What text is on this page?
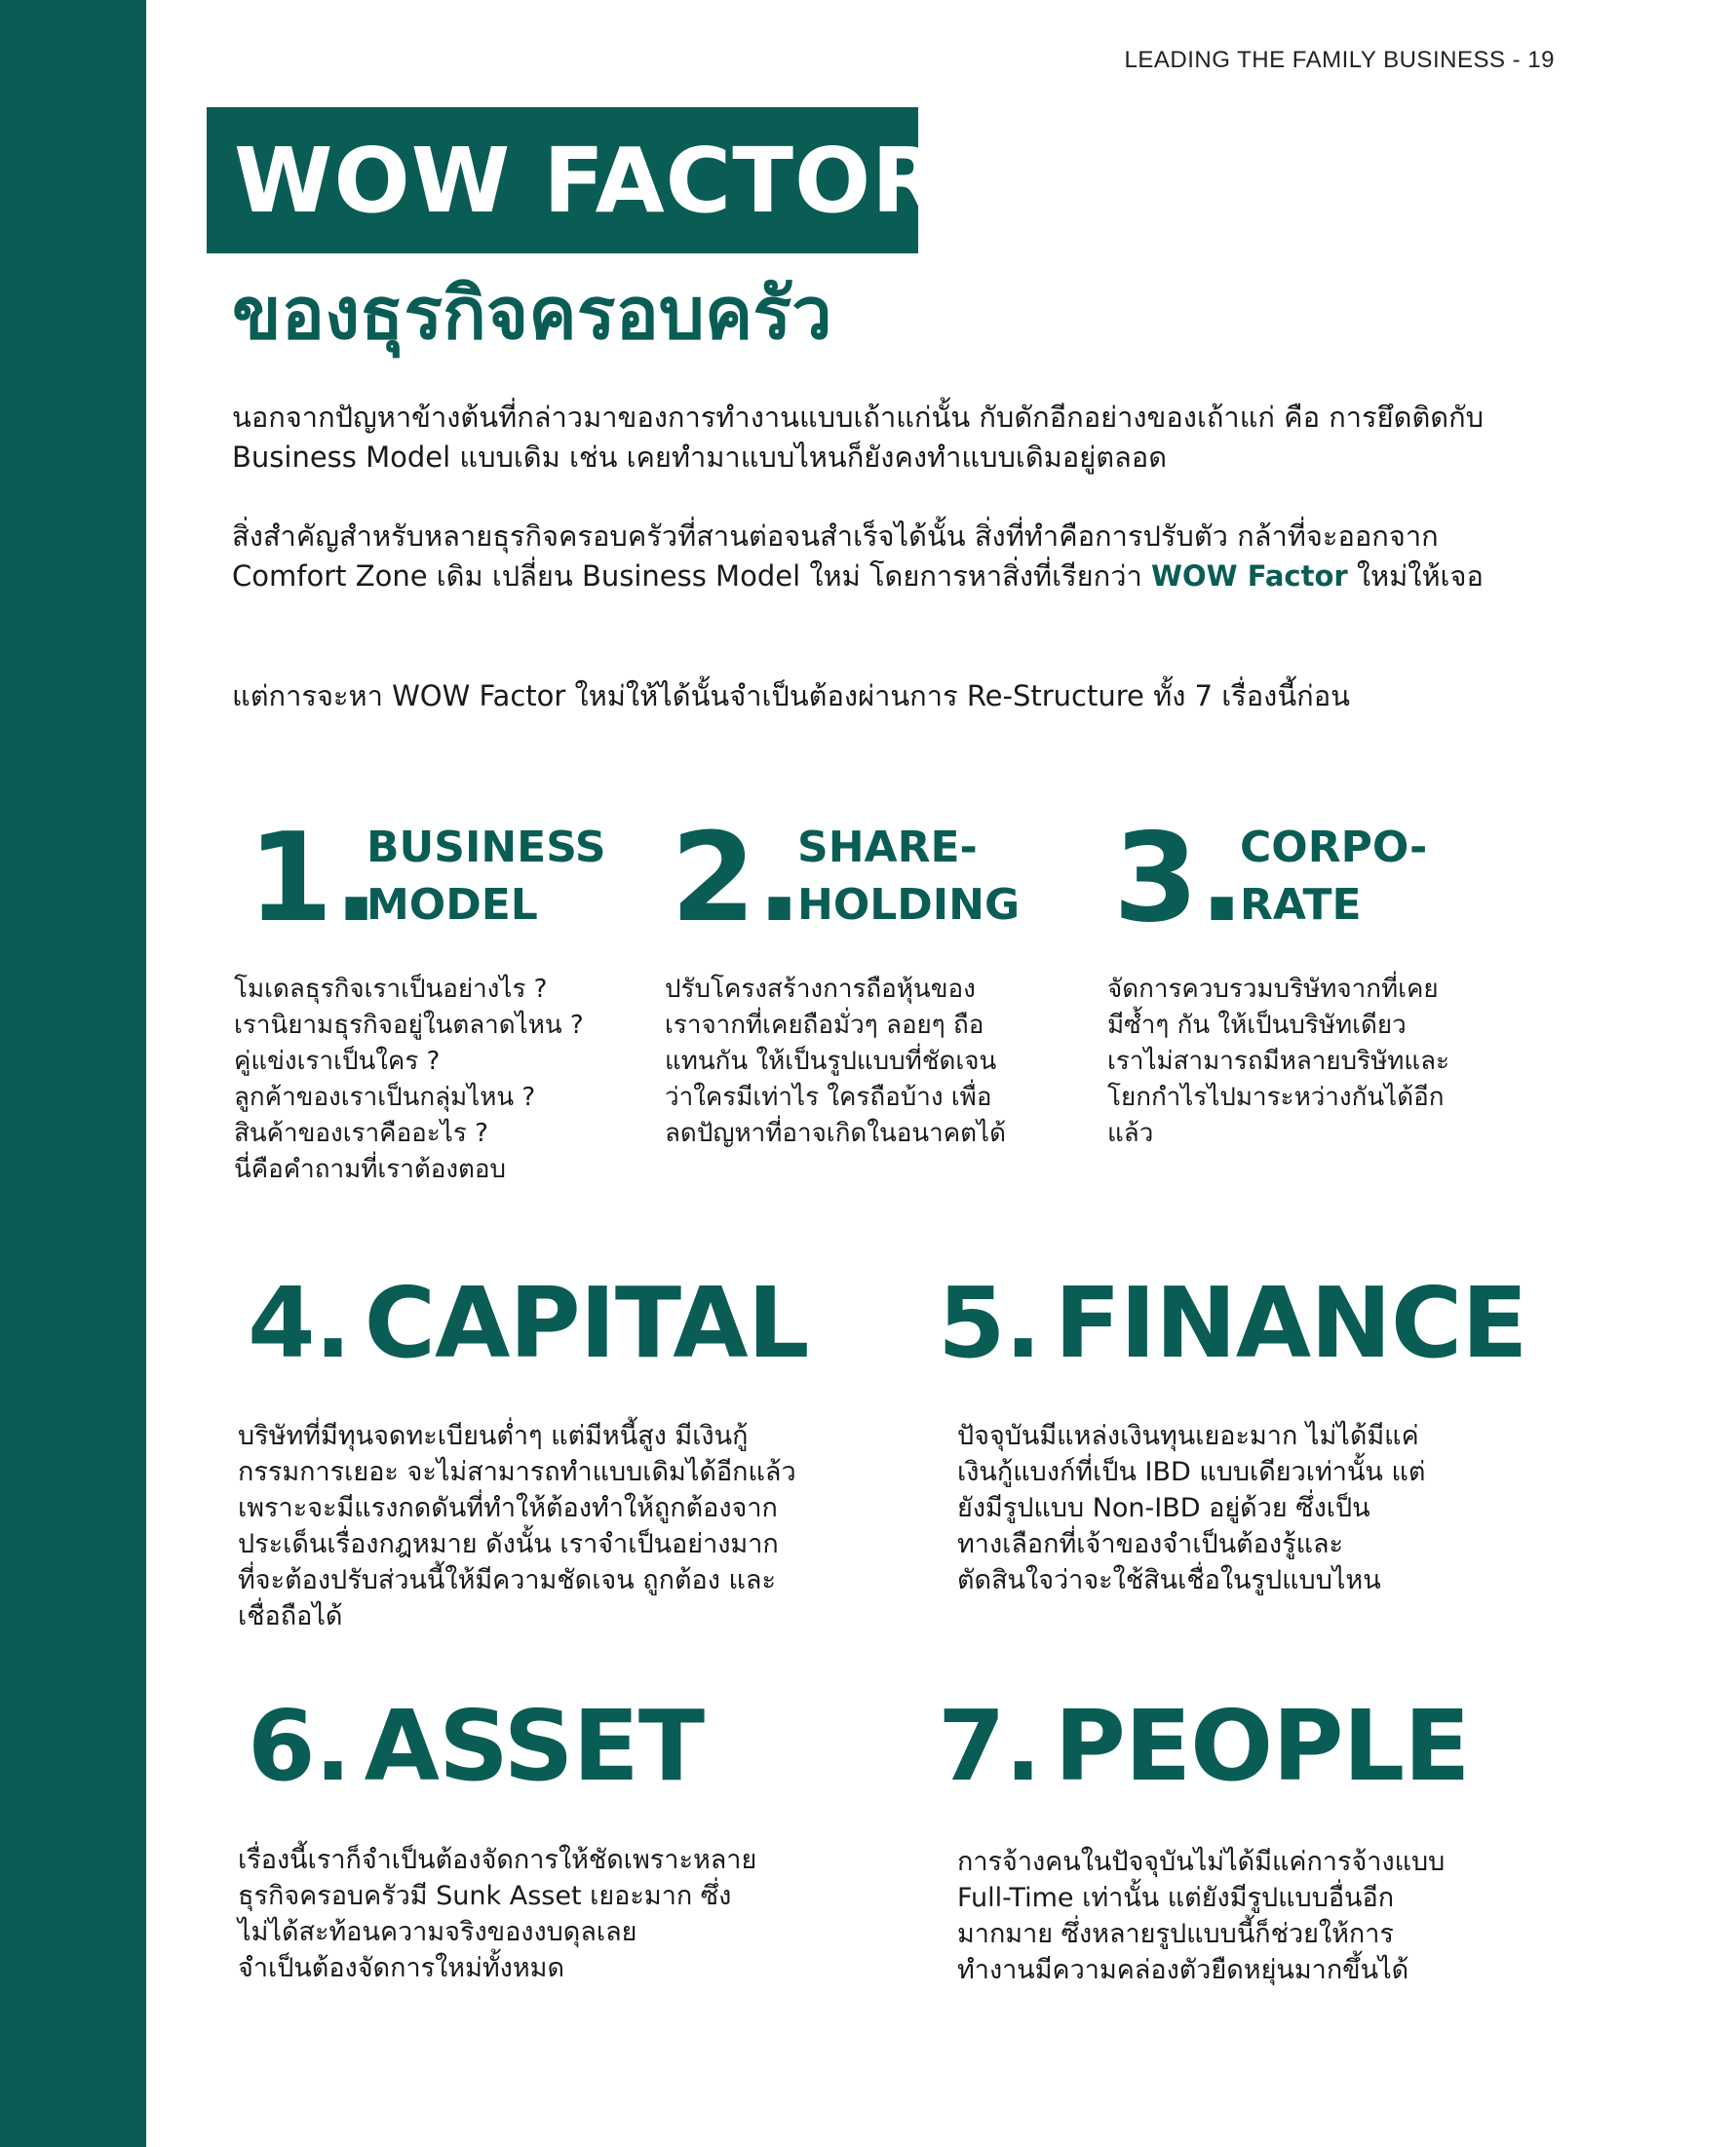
LEADING THE FAMILY BUSINESS - 19
WOW FACTOR
ของธุรกิจครอบครัว
นอกจากปัญหาข้างต้นที่กล่าวมาของการทำงานแบบเถ้าแก่นั้น กับดักอีกอย่างของเถ้าแก่ คือ การยึดติดกับ Business Model แบบเดิม เช่น เคยทำมาแบบไหนก็ยังคงทำแบบเดิมอยู่ตลอด
สิ่งสำคัญสำหรับหลายธุรกิจครอบครัวที่สานต่อจนสำเร็จได้นั้น สิ่งที่ทำคือการปรับตัว กล้าที่จะออกจาก Comfort Zone เดิม เปลี่ยน Business Model ใหม่ โดยการหาสิ่งที่เรียกว่า WOW Factor ใหม่ให้เจอ
แต่การจะหา WOW Factor ใหม่ให้ได้นั้นจำเป็นต้องผ่านการ Re-Structure ทั้ง 7 เรื่องนี้ก่อน
1.
BUSINESS
MODEL
โมเดลธุรกิจเราเป็นอย่างไร ?
เรานิยามธุรกิจอยู่ในตลาดไหน ?
คู่แข่งเราเป็นใคร ?
ลูกค้าของเราเป็นกลุ่มไหน ?
สินค้าของเราคืออะไร ?
นี่คือคำถามที่เราต้องตอบ
2.
SHARE-
HOLDING
ปรับโครงสร้างการถือหุ้นของ
เราจากที่เคยถือมั่วๆ ลอยๆ ถือ
แทนกัน ให้เป็นรูปแบบที่ชัดเจน
ว่าใครมีเท่าไร ใครถือบ้าง เพื่อ
ลดปัญหาที่อาจเกิดในอนาคตได้
3.
CORPO-
RATE
จัดการควบรวมบริษัทจากที่เคย
มีซ้ำๆ กัน ให้เป็นบริษัทเดียว
เราไม่สามารถมีหลายบริษัทและ
โยกกำไรไปมาระหว่างกันได้อีก
แล้ว
4. CAPITAL
บริษัทที่มีทุนจดทะเบียนต่ำๆ แต่มีหนี้สูง มีเงินกู้
กรรมการเยอะ จะไม่สามารถทำแบบเดิมได้อีกแล้ว
เพราะจะมีแรงกดดันที่ทำให้ต้องทำให้ถูกต้องจาก
ประเด็นเรื่องกฎหมาย ดังนั้น เราจำเป็นอย่างมาก
ที่จะต้องปรับส่วนนี้ให้มีความชัดเจน ถูกต้อง และ
เชื่อถือได้
5. FINANCE
ปัจจุบันมีแหล่งเงินทุนเยอะมาก ไม่ได้มีแค่
เงินกู้แบงก์ที่เป็น IBD แบบเดียวเท่านั้น แต่
ยังมีรูปแบบ Non-IBD อยู่ด้วย ซึ่งเป็น
ทางเลือกที่เจ้าของจำเป็นต้องรู้และ
ตัดสินใจว่าจะใช้สินเชื่อในรูปแบบไหน
6. ASSET
เรื่องนี้เราก็จำเป็นต้องจัดการให้ชัดเพราะหลาย
ธุรกิจครอบครัวมี Sunk Asset เยอะมาก ซึ่ง
ไม่ได้สะท้อนความจริงของงบดุลเลย
จำเป็นต้องจัดการใหม่ทั้งหมด
7. PEOPLE
การจ้างคนในปัจจุบันไม่ได้มีแค่การจ้างแบบ
Full-Time เท่านั้น แต่ยังมีรูปแบบอื่นอีก
มากมาย ซึ่งหลายรูปแบบนี้ก็ช่วยให้การ
ทำงานมีความคล่องตัวยืดหยุ่นมากขึ้นได้
